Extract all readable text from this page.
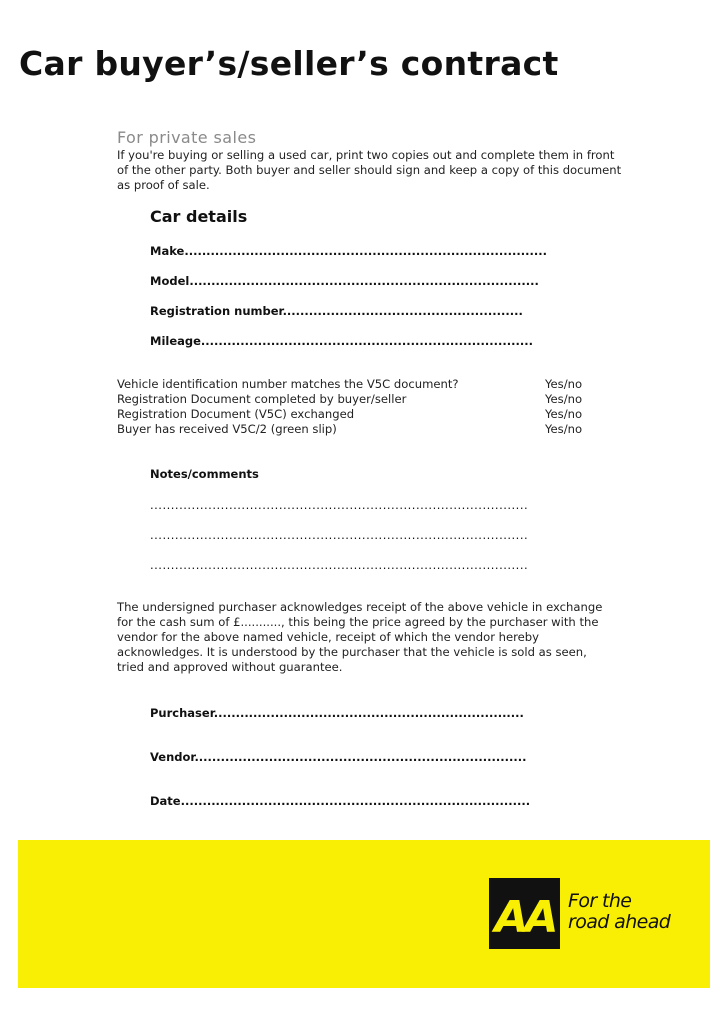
Car buyer’s/seller’s contract

For private sales

If you're buying or selling a used car, print two copies out and complete them in front of the other party. Both buyer and seller should sign and keep a copy of this document as proof of sale.

Car details
Make...................................................................................
Model................................................................................
Registration number.......................................................
Mileage............................................................................
Vehicle identification number matches the V5C document?	Yes/no
Registration Document completed by buyer/seller	Yes/no
Registration Document (V5C) exchanged	Yes/no
Buyer has received V5C/2 (green slip)	Yes/no
Notes/comments
...........................................................................................
...........................................................................................
...........................................................................................

The undersigned purchaser acknowledges receipt of the above vehicle in exchange for the cash sum of £..........., this being the price agreed by the purchaser with the vendor for the above named vehicle, receipt of which the vendor hereby acknowledges. It is understood by the purchaser that the vehicle is sold as seen, tried and approved without guarantee.

Purchaser.......................................................................
Vendor............................................................................
Date................................................................................
AA For the
road ahead
